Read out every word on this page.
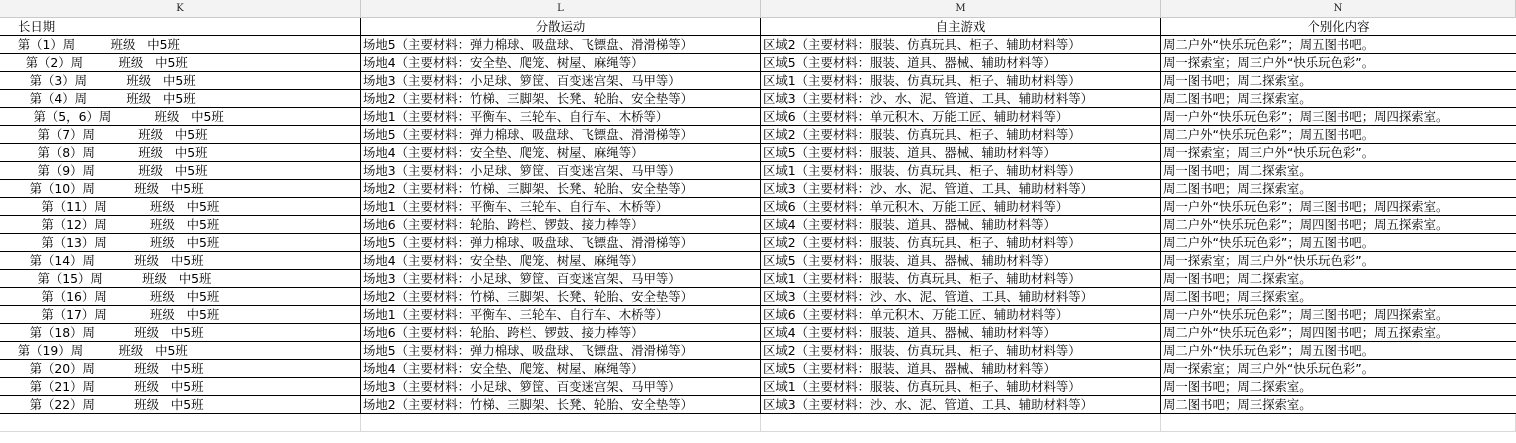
K	L	M	N
长日期	分散运动	自主游戏	个别化内容
第（1）周         班级   中5班	场地5（主要材料：弹力棉球、吸盘球、飞镖盘、滑滑梯等）	区域2（主要材料：服装、仿真玩具、柜子、辅助材料等）	周二户外“快乐玩色彩”；周五图书吧。
第（2）周         班级   中5班	场地4（主要材料：安全垫、爬笼、树屋、麻绳等）	区域5（主要材料：服装、道具、器械、辅助材料等）	周一探索室；周三户外“快乐玩色彩”。
第（3）周          班级   中5班	场地3（主要材料：小足球、箩筐、百变迷宫架、马甲等）	区域1（主要材料：服装、仿真玩具、柜子、辅助材料等）	周一图书吧；周二探索室。
第（4）周          班级   中5班	场地2（主要材料：竹梯、三脚架、长凳、轮胎、安全垫等）	区域3（主要材料：沙、水、泥、管道、工具、辅助材料等）	周二图书吧；周三探索室。
第（5，6）周           班级   中5班	场地1（主要材料：平衡车、三轮车、自行车、木桥等）	区域6（主要材料：单元积木、万能工匠、辅助材料等）	周一户外“快乐玩色彩”；周三图书吧；周四探索室。
第（7）周           班级   中5班	场地5（主要材料：弹力棉球、吸盘球、飞镖盘、滑滑梯等）	区域2（主要材料：服装、仿真玩具、柜子、辅助材料等）	周二户外“快乐玩色彩”；周五图书吧。
第（8）周           班级   中5班	场地4（主要材料：安全垫、爬笼、树屋、麻绳等）	区域5（主要材料：服装、道具、器械、辅助材料等）	周一探索室；周三户外“快乐玩色彩”。
第（9）周           班级   中5班	场地3（主要材料：小足球、箩筐、百变迷宫架、马甲等）	区域1（主要材料：服装、仿真玩具、柜子、辅助材料等）	周一图书吧；周二探索室。
第（10）周          班级   中5班	场地2（主要材料：竹梯、三脚架、长凳、轮胎、安全垫等）	区域3（主要材料：沙、水、泥、管道、工具、辅助材料等）	周二图书吧；周三探索室。
第（11）周           班级   中5班	场地1（主要材料：平衡车、三轮车、自行车、木桥等）	区域6（主要材料：单元积木、万能工匠、辅助材料等）	周一户外“快乐玩色彩”；周三图书吧；周四探索室。
第（12）周           班级   中5班	场地6（主要材料：轮胎、跨栏、锣鼓、接力棒等）	区域4（主要材料：服装、道具、器械、辅助材料等）	周二户外“快乐玩色彩”；周四图书吧；周五探索室。
第（13）周           班级   中5班	场地5（主要材料：弹力棉球、吸盘球、飞镖盘、滑滑梯等）	区域2（主要材料：服装、仿真玩具、柜子、辅助材料等）	周二户外“快乐玩色彩”；周五图书吧。
第（14）周          班级   中5班	场地4（主要材料：安全垫、爬笼、树屋、麻绳等）	区域5（主要材料：服装、道具、器械、辅助材料等）	周一探索室；周三户外“快乐玩色彩”。
第（15）周          班级   中5班	场地3（主要材料：小足球、箩筐、百变迷宫架、马甲等）	区域1（主要材料：服装、仿真玩具、柜子、辅助材料等）	周一图书吧；周二探索室。
第（16）周           班级   中5班	场地2（主要材料：竹梯、三脚架、长凳、轮胎、安全垫等）	区域3（主要材料：沙、水、泥、管道、工具、辅助材料等）	周二图书吧；周三探索室。
第（17）周           班级   中5班	场地1（主要材料：平衡车、三轮车、自行车、木桥等）	区域6（主要材料：单元积木、万能工匠、辅助材料等）	周一户外“快乐玩色彩”；周三图书吧；周四探索室。
第（18）周          班级   中5班	场地6（主要材料：轮胎、跨栏、锣鼓、接力棒等）	区域4（主要材料：服装、道具、器械、辅助材料等）	周二户外“快乐玩色彩”；周四图书吧；周五探索室。
第（19）周         班级   中5班	场地5（主要材料：弹力棉球、吸盘球、飞镖盘、滑滑梯等）	区域2（主要材料：服装、仿真玩具、柜子、辅助材料等）	周二户外“快乐玩色彩”；周五图书吧。
第（20）周          班级   中5班	场地4（主要材料：安全垫、爬笼、树屋、麻绳等）	区域5（主要材料：服装、道具、器械、辅助材料等）	周一探索室；周三户外“快乐玩色彩”。
第（21）周          班级   中5班	场地3（主要材料：小足球、箩筐、百变迷宫架、马甲等）	区域1（主要材料：服装、仿真玩具、柜子、辅助材料等）	周一图书吧；周二探索室。
第（22）周          班级   中5班	场地2（主要材料：竹梯、三脚架、长凳、轮胎、安全垫等）	区域3（主要材料：沙、水、泥、管道、工具、辅助材料等）	周二图书吧；周三探索室。
